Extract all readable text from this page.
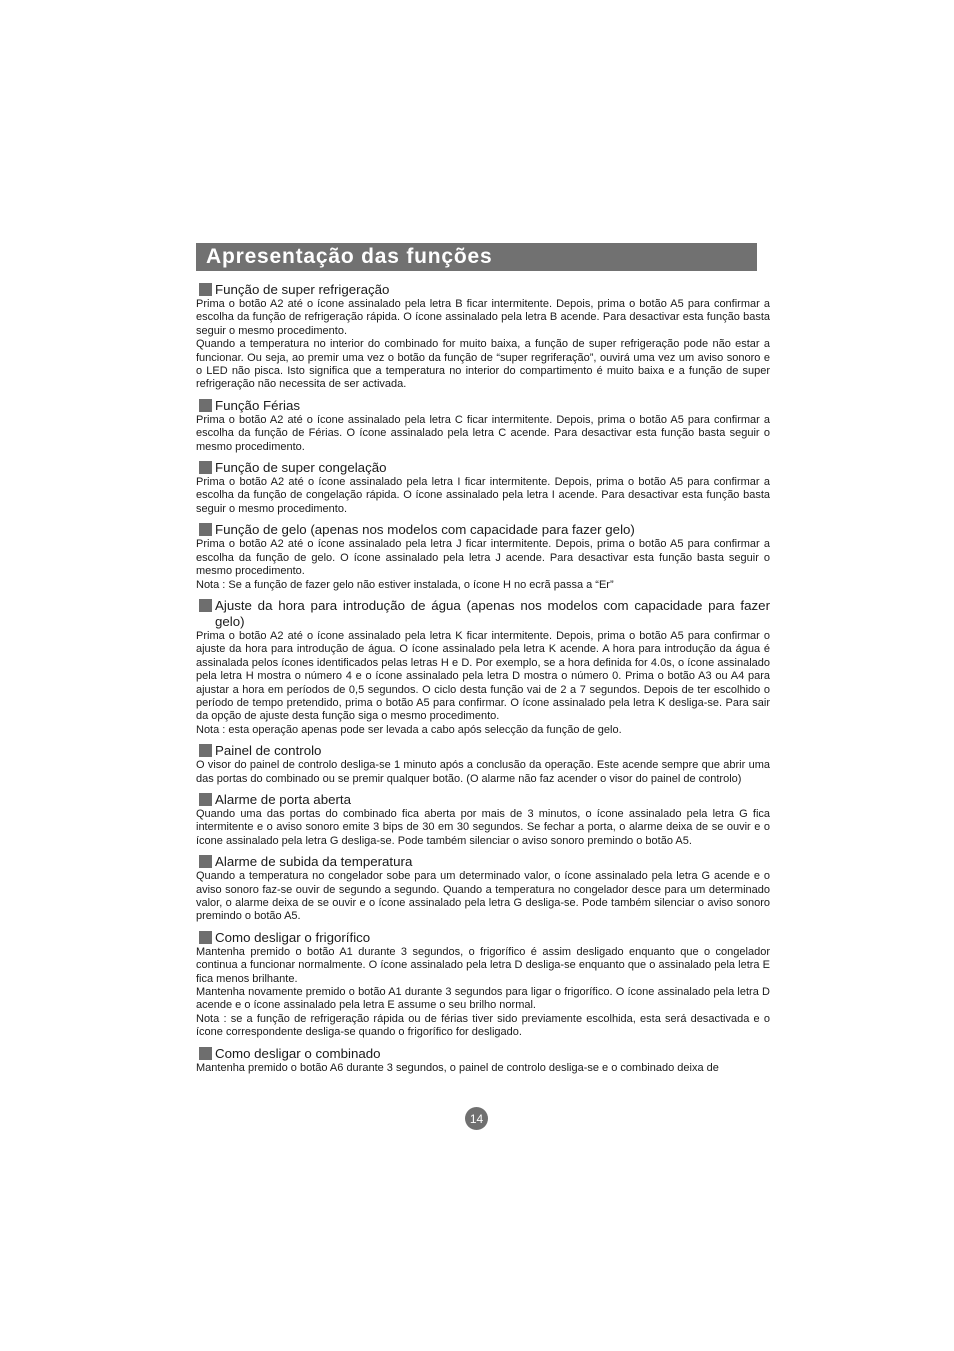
Apresentação das funções
Função de super refrigeração

Prima o botão A2 até o ícone assinalado pela letra B ficar intermitente. Depois, prima o botão A5 para confirmar a escolha da função de refrigeração rápida. O ícone assinalado pela letra B acende. Para desactivar esta função basta seguir o mesmo procedimento.

Quando a temperatura no interior do combinado for muito baixa, a função de super refrigeração pode não estar a funcionar. Ou seja, ao premir uma vez o botão da função de “super regriferação”, ouvirá uma vez um aviso sonoro e o LED não pisca. Isto significa que a temperatura no interior do compartimento é muito baixa e a função de super refrigeração não necessita de ser activada.

Função Férias

Prima o botão A2 até o ícone assinalado pela letra C ficar intermitente. Depois, prima o botão A5 para confirmar a escolha da função de Férias. O ícone assinalado pela letra C acende. Para desactivar esta função basta seguir o mesmo procedimento.

Função de super congelação

Prima o botão A2 até o ícone assinalado pela letra I ficar intermitente. Depois, prima o botão A5 para confirmar a escolha da função de congelação rápida. O ícone assinalado pela letra I acende. Para desactivar esta função basta seguir o mesmo procedimento.

Função de gelo (apenas nos modelos com capacidade para fazer gelo)

Prima o botão A2 até o ícone assinalado pela letra J ficar intermitente. Depois, prima o botão A5 para confirmar a escolha da função de gelo. O ícone assinalado pela letra J acende. Para desactivar esta função basta seguir o mesmo procedimento.

Nota : Se a função de fazer gelo não estiver instalada, o ícone H no ecrã passa a “Er”

Ajuste da hora para introdução de água (apenas nos modelos com capacidade para fazer gelo)

Prima o botão A2 até o ícone assinalado pela letra K ficar intermitente. Depois, prima o botão A5 para confirmar o ajuste da hora para introdução de água. O ícone assinalado pela letra K acende. A hora para introdução da água é assinalada pelos ícones identificados pelas letras H e D. Por exemplo, se a hora definida for 4.0s, o ícone assinalado pela letra H mostra o número 4 e o ícone assinalado pela letra D mostra o número 0. Prima o botão A3 ou A4 para ajustar a hora em períodos de 0,5 segundos. O ciclo desta função vai de 2 a 7 segundos. Depois de ter escolhido o período de tempo pretendido, prima o botão A5 para confirmar. O ícone assinalado pela letra K desliga-se. Para sair da opção de ajuste desta função siga o mesmo procedimento.

Nota : esta operação apenas pode ser levada a cabo após selecção da função de gelo.

Painel de controlo

O visor do painel de controlo desliga-se 1 minuto após a conclusão da operação. Este acende sempre que abrir uma das portas do combinado ou se premir qualquer botão. (O alarme não faz acender o visor do painel de controlo)

Alarme de porta aberta

Quando uma das portas do combinado fica aberta por mais de 3 minutos, o ícone assinalado pela letra G fica intermitente e o aviso sonoro emite 3 bips de 30 em 30 segundos. Se fechar a porta, o alarme deixa de se ouvir e o ícone assinalado pela letra G desliga-se. Pode também silenciar o aviso sonoro premindo o botão A5.

Alarme de subida da temperatura

Quando a temperatura no congelador sobe para um determinado valor, o ícone assinalado pela letra G acende e o aviso sonoro faz-se ouvir de segundo a segundo. Quando a temperatura no congelador desce para um determinado valor, o alarme deixa de se ouvir e o ícone assinalado pela letra G desliga-se. Pode também silenciar o aviso sonoro premindo o botão A5.

Como desligar o frigorífico

Mantenha premido o botão A1 durante 3 segundos, o frigorífico é assim desligado enquanto que o congelador continua a funcionar normalmente. O ícone assinalado pela letra D desliga-se enquanto que o assinalado pela letra E fica menos brilhante.

Mantenha novamente premido o botão A1 durante 3 segundos para ligar o frigorífico. O ícone assinalado pela letra D acende e o ícone assinalado pela letra E assume o seu brilho normal.

Nota : se a função de refrigeração rápida ou de férias tiver sido previamente escolhida, esta será desactivada e o ícone correspondente desliga-se quando o frigorífico for desligado.

Como desligar o combinado

Mantenha premido o botão A6 durante 3 segundos, o painel de controlo desliga-se e o combinado deixa de

14
